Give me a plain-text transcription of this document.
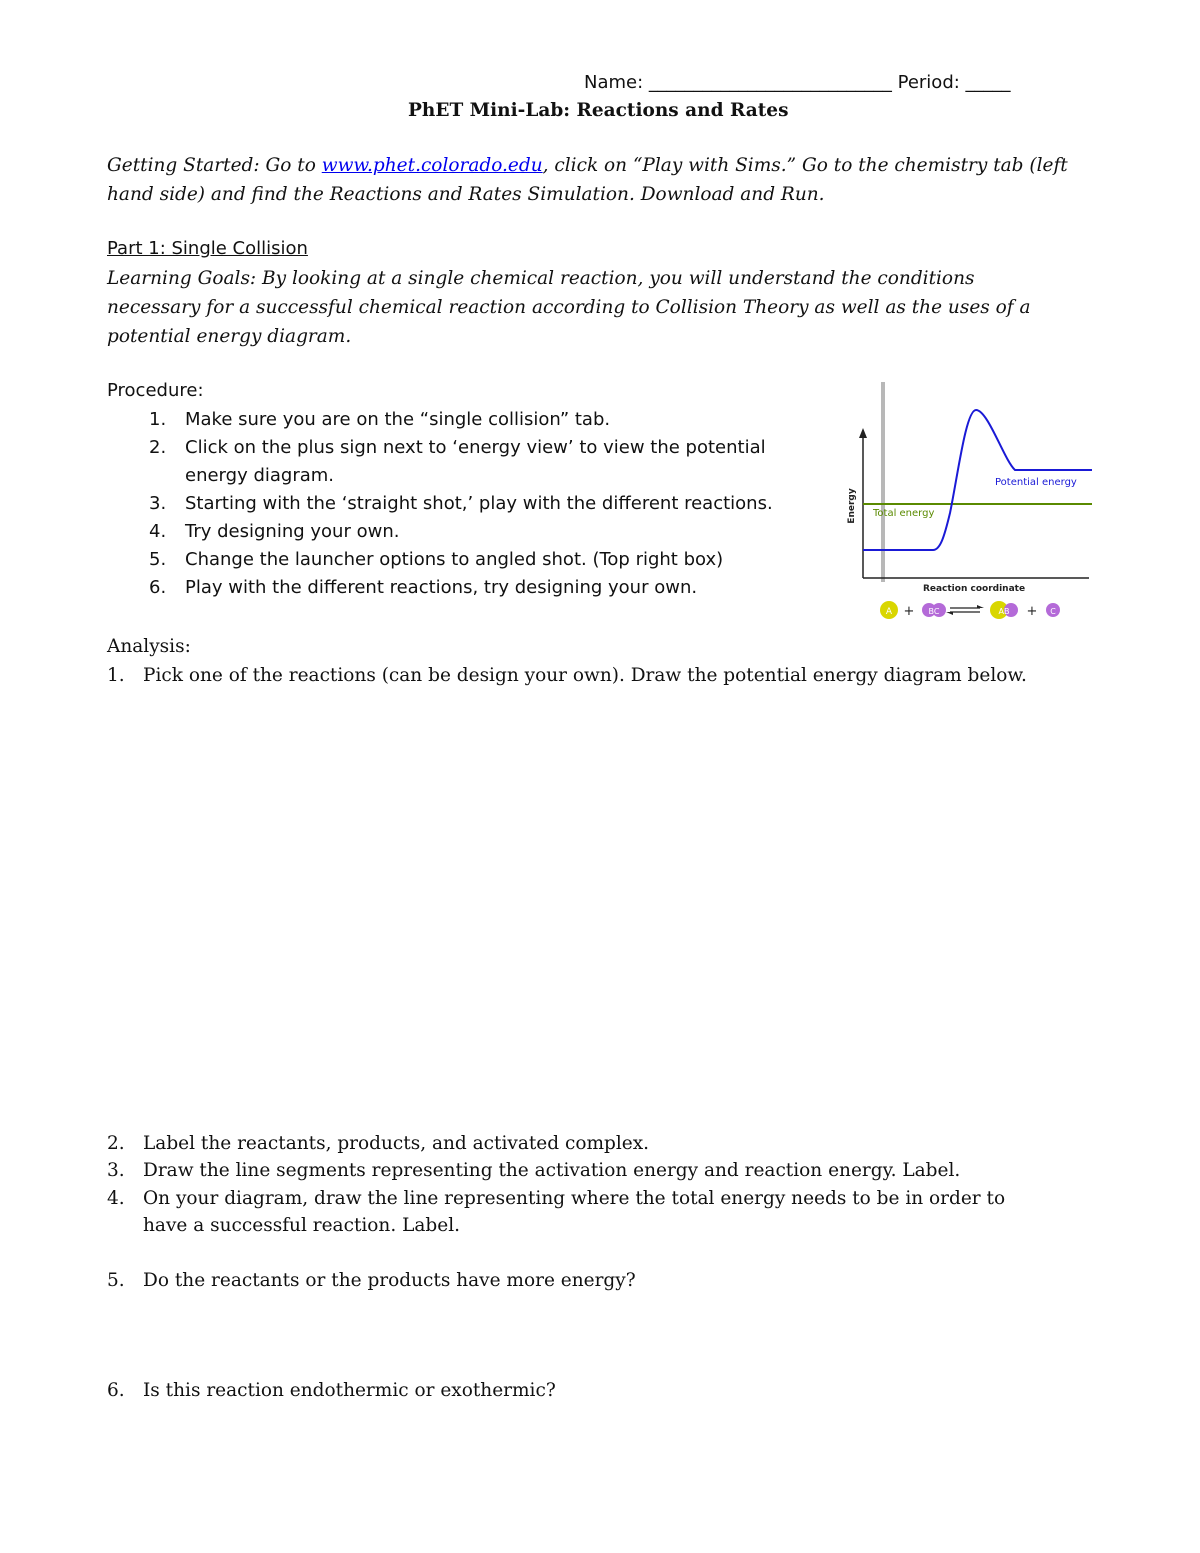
Name: ___________________________ Period: _____
PhET Mini-Lab: Reactions and Rates
Getting Started: Go to www.phet.colorado.edu, click on “Play with Sims.” Go to the chemistry tab (left
hand side) and find the Reactions and Rates Simulation. Download and Run.
Part 1: Single Collision
Learning Goals: By looking at a single chemical reaction, you will understand the conditions
necessary for a successful chemical reaction according to Collision Theory as well as the uses of a
potential energy diagram.
Procedure:
1. Make sure you are on the “single collision” tab.
2. Click on the plus sign next to ‘energy view’ to view the potential
energy diagram.
3. Starting with the ‘straight shot,’ play with the different reactions.
4. Try designing your own.
5. Change the launcher options to angled shot. (Top right box)
6. Play with the different reactions, try designing your own.
Potential energy
Total energy
Energy
Reaction coordinate
A + BC	AB + C
Analysis:
1. Pick one of the reactions (can be design your own). Draw the potential energy diagram below.
2. Label the reactants, products, and activated complex.
3. Draw the line segments representing the activation energy and reaction energy. Label.
4. On your diagram, draw the line representing where the total energy needs to be in order to
have a successful reaction. Label.
5. Do the reactants or the products have more energy?
6. Is this reaction endothermic or exothermic?
